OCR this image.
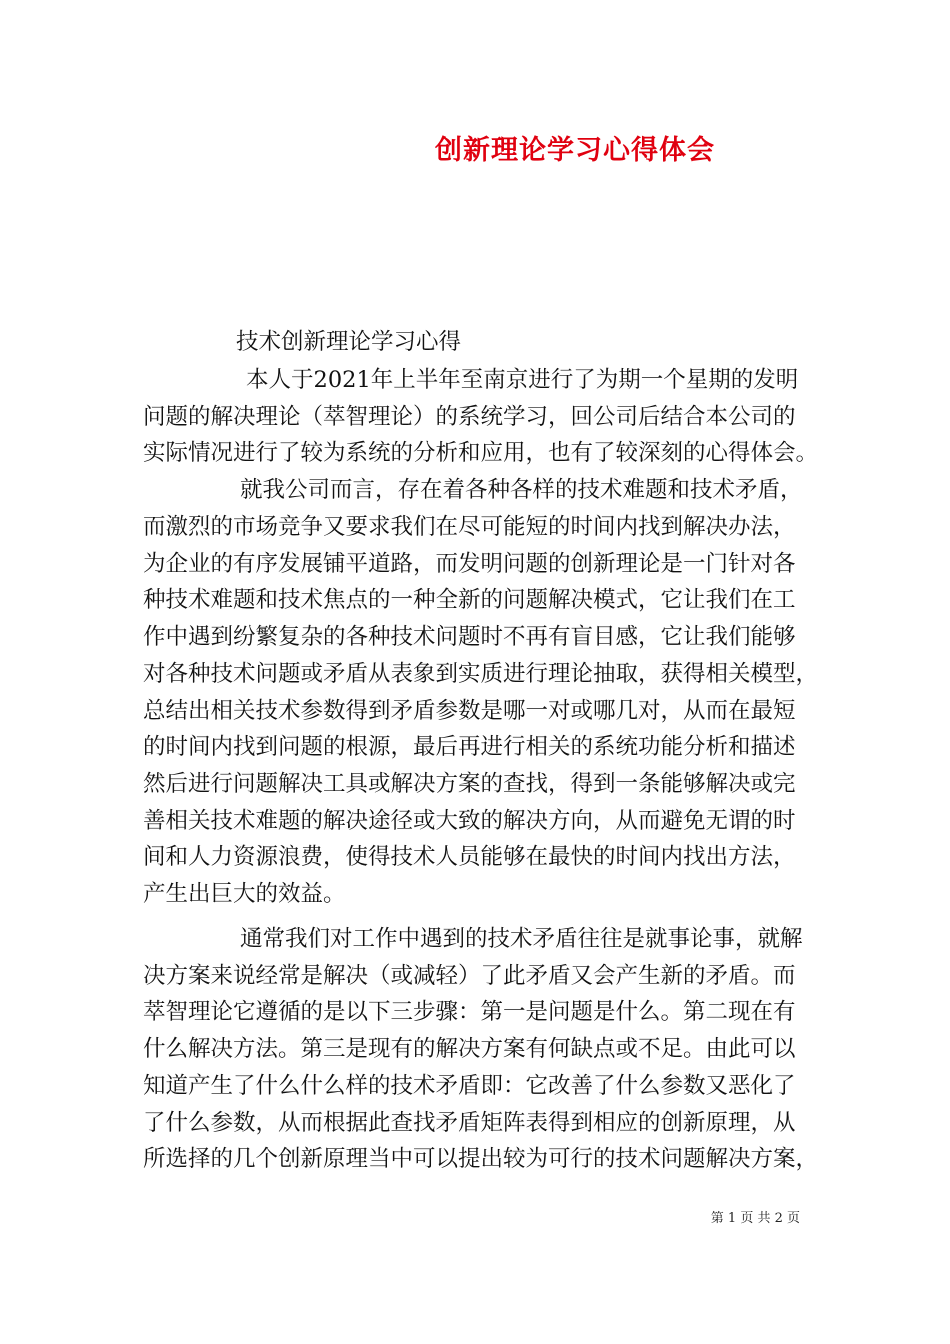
创新理论学习心得体会
技术创新理论学习心得
本人于2021年上半年至南京进行了为期一个星期的发明
问题的解决理论（萃智理论）的系统学习，回公司后结合本公司的
实际情况进行了较为系统的分析和应用，也有了较深刻的心得体会。
就我公司而言，存在着各种各样的技术难题和技术矛盾，
而激烈的市场竞争又要求我们在尽可能短的时间内找到解决办法，
为企业的有序发展铺平道路，而发明问题的创新理论是一门针对各
种技术难题和技术焦点的一种全新的问题解决模式，它让我们在工
作中遇到纷繁复杂的各种技术问题时不再有盲目感，它让我们能够
对各种技术问题或矛盾从表象到实质进行理论抽取，获得相关模型，
总结出相关技术参数得到矛盾参数是哪一对或哪几对，从而在最短
的时间内找到问题的根源，最后再进行相关的系统功能分析和描述
然后进行问题解决工具或解决方案的查找，得到一条能够解决或完
善相关技术难题的解决途径或大致的解决方向，从而避免无谓的时
间和人力资源浪费，使得技术人员能够在最快的时间内找出方法，
产生出巨大的效益。
通常我们对工作中遇到的技术矛盾往往是就事论事，就解
决方案来说经常是解决（或减轻）了此矛盾又会产生新的矛盾。而
萃智理论它遵循的是以下三步骤：第一是问题是什么。第二现在有
什么解决方法。第三是现有的解决方案有何缺点或不足。由此可以
知道产生了什么什么样的技术矛盾即：它改善了什么参数又恶化了
了什么参数，从而根据此查找矛盾矩阵表得到相应的创新原理，从
所选择的几个创新原理当中可以提出较为可行的技术问题解决方案，
第 1 页 共 2 页
